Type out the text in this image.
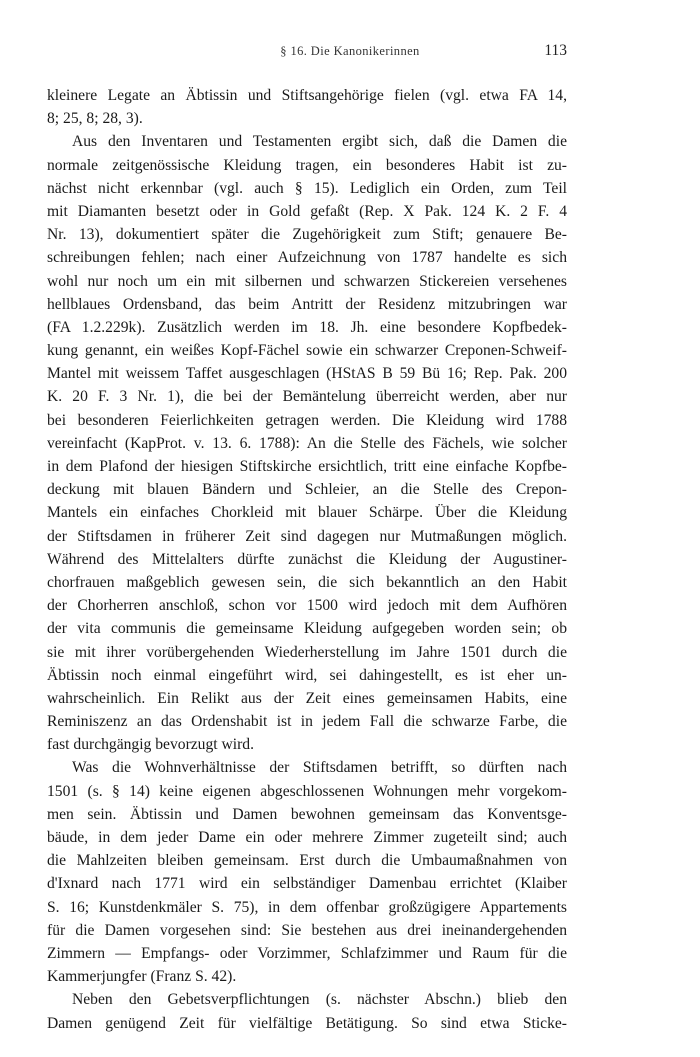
§ 16. Die Kanonikerinnen	113
kleinere Legate an Äbtissin und Stiftsangehörige fielen (vgl. etwa FA 14,
8; 25, 8; 28, 3).
Aus den Inventaren und Testamenten ergibt sich, daß die Damen die
normale zeitgenössische Kleidung tragen, ein besonderes Habit ist zu-
nächst nicht erkennbar (vgl. auch § 15). Lediglich ein Orden, zum Teil
mit Diamanten besetzt oder in Gold gefaßt (Rep. X Pak. 124 K. 2 F. 4
Nr. 13), dokumentiert später die Zugehörigkeit zum Stift; genauere Be-
schreibungen fehlen; nach einer Aufzeichnung von 1787 handelte es sich
wohl nur noch um ein mit silbernen und schwarzen Stickereien versehenes
hellblaues Ordensband, das beim Antritt der Residenz mitzubringen war
(FA 1.2.229k). Zusätzlich werden im 18. Jh. eine besondere Kopfbedek-
kung genannt, ein weißes Kopf-Fächel sowie ein schwarzer Creponen-Schweif-
Mantel mit weissem Taffet ausgeschlagen (HStAS B 59 Bü 16; Rep. Pak. 200
K. 20 F. 3 Nr. 1), die bei der Bemäntelung überreicht werden, aber nur
bei besonderen Feierlichkeiten getragen werden. Die Kleidung wird 1788
vereinfacht (KapProt. v. 13. 6. 1788): An die Stelle des Fächels, wie solcher
in dem Plafond der hiesigen Stiftskirche ersichtlich, tritt eine einfache Kopfbe-
deckung mit blauen Bändern und Schleier, an die Stelle des Crepon-
Mantels ein einfaches Chorkleid mit blauer Schärpe. Über die Kleidung
der Stiftsdamen in früherer Zeit sind dagegen nur Mutmaßungen möglich.
Während des Mittelalters dürfte zunächst die Kleidung der Augustiner-
chorfrauen maßgeblich gewesen sein, die sich bekanntlich an den Habit
der Chorherren anschloß, schon vor 1500 wird jedoch mit dem Aufhören
der vita communis die gemeinsame Kleidung aufgegeben worden sein; ob
sie mit ihrer vorübergehenden Wiederherstellung im Jahre 1501 durch die
Äbtissin noch einmal eingeführt wird, sei dahingestellt, es ist eher un-
wahrscheinlich. Ein Relikt aus der Zeit eines gemeinsamen Habits, eine
Reminiszenz an das Ordenshabit ist in jedem Fall die schwarze Farbe, die
fast durchgängig bevorzugt wird.
Was die Wohnverhältnisse der Stiftsdamen betrifft, so dürften nach
1501 (s. § 14) keine eigenen abgeschlossenen Wohnungen mehr vorgekom-
men sein. Äbtissin und Damen bewohnen gemeinsam das Konventsge-
bäude, in dem jeder Dame ein oder mehrere Zimmer zugeteilt sind; auch
die Mahlzeiten bleiben gemeinsam. Erst durch die Umbaumaßnahmen von
d'Ixnard nach 1771 wird ein selbständiger Damenbau errichtet (Klaiber
S. 16; Kunstdenkmäler S. 75), in dem offenbar großzügigere Appartements
für die Damen vorgesehen sind: Sie bestehen aus drei ineinandergehenden
Zimmern — Empfangs- oder Vorzimmer, Schlafzimmer und Raum für die
Kammerjungfer (Franz S. 42).
Neben den Gebetsverpflichtungen (s. nächster Abschn.) blieb den
Damen genügend Zeit für vielfältige Betätigung. So sind etwa Sticke-
